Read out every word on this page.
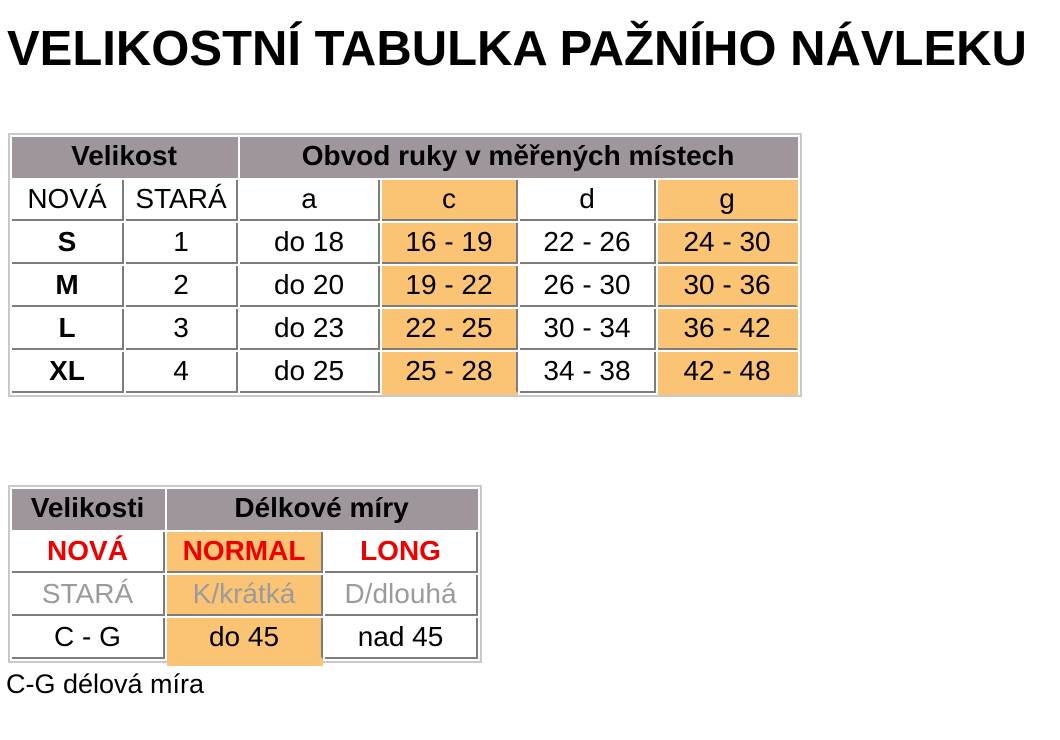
VELIKOSTNÍ TABULKA PAŽNÍHO NÁVLEKU
Velikost		Obvod ruky v měřených místech			
NOVÁ	STARÁ	a	c	d	g
S	1	do 18	16 - 19	22 - 26	24 - 30
M	2	do 20	19 - 22	26 - 30	30 - 36
L	3	do 23	22 - 25	30 - 34	36 - 42
XL	4	do 25	25 - 28	34 - 38	42 - 48
Velikosti	Délkové míry	
NOVÁ	NORMAL	LONG
STARÁ	K/krátká	D/dlouhá
C - G	do 45	nad 45
C-G délová míra
